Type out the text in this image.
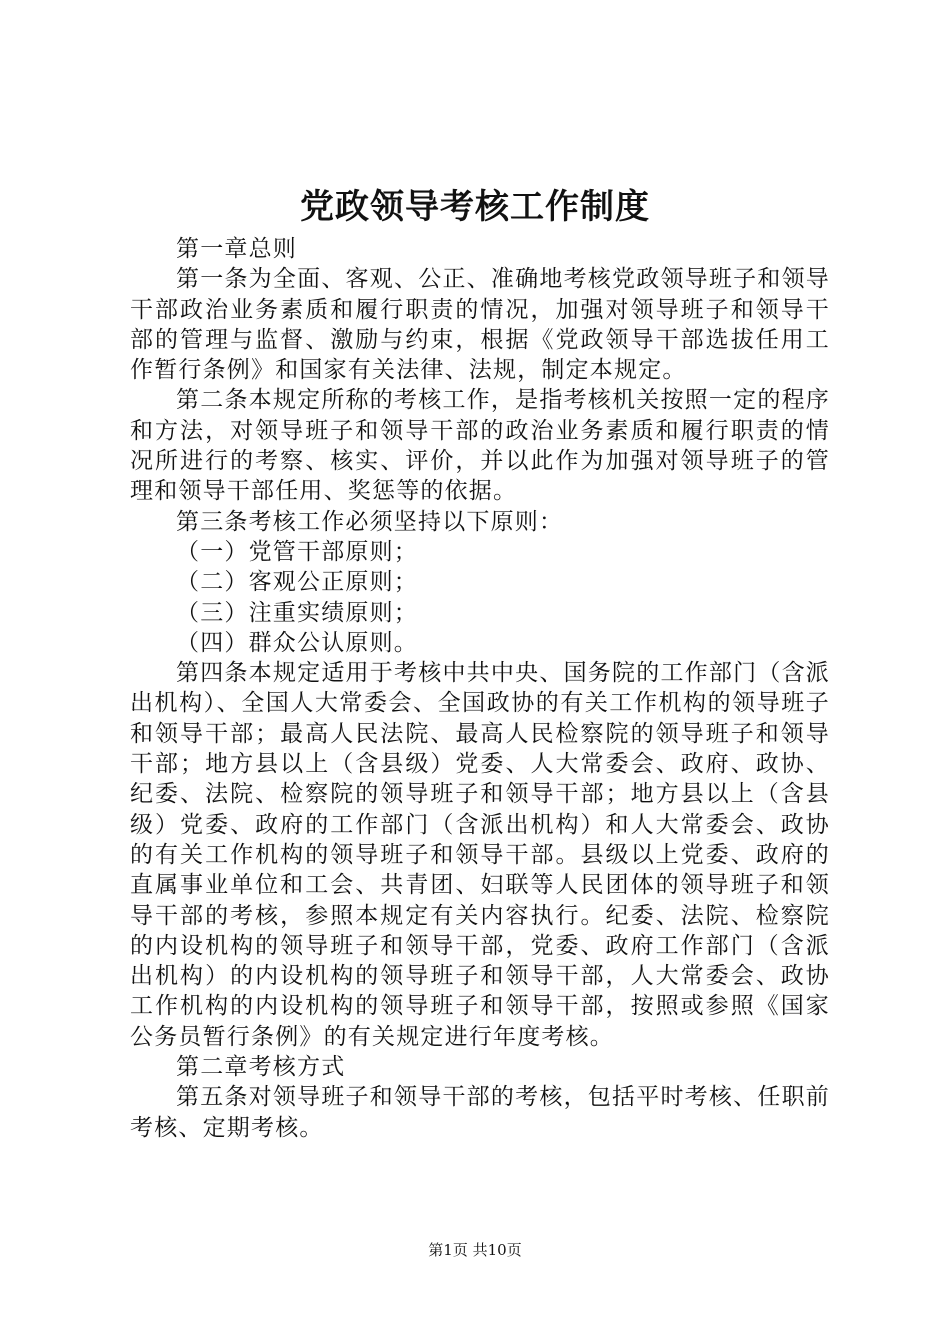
党政领导考核工作制度

第一章总则

第一条为全面、客观、公正、准确地考核党政领导班子和领导干部政治业务素质和履行职责的情况，加强对领导班子和领导干部的管理与监督、激励与约束，根据《党政领导干部选拔任用工作暂行条例》和国家有关法律、法规，制定本规定。

第二条本规定所称的考核工作，是指考核机关按照一定的程序和方法，对领导班子和领导干部的政治业务素质和履行职责的情况所进行的考察、核实、评价，并以此作为加强对领导班子的管理和领导干部任用、奖惩等的依据。

第三条考核工作必须坚持以下原则：

（一）党管干部原则；

（二）客观公正原则；

（三）注重实绩原则；

（四）群众公认原则。

第四条本规定适用于考核中共中央、国务院的工作部门（含派出机构）、全国人大常委会、全国政协的有关工作机构的领导班子和领导干部；最高人民法院、最高人民检察院的领导班子和领导干部；地方县以上（含县级）党委、人大常委会、政府、政协、纪委、法院、检察院的领导班子和领导干部；地方县以上（含县级）党委、政府的工作部门（含派出机构）和人大常委会、政协的有关工作机构的领导班子和领导干部。县级以上党委、政府的直属事业单位和工会、共青团、妇联等人民团体的领导班子和领导干部的考核，参照本规定有关内容执行。纪委、法院、检察院的内设机构的领导班子和领导干部，党委、政府工作部门（含派出机构）的内设机构的领导班子和领导干部，人大常委会、政协工作机构的内设机构的领导班子和领导干部，按照或参照《国家公务员暂行条例》的有关规定进行年度考核。

第二章考核方式

第五条对领导班子和领导干部的考核，包括平时考核、任职前考核、定期考核。

第1页 共10页
